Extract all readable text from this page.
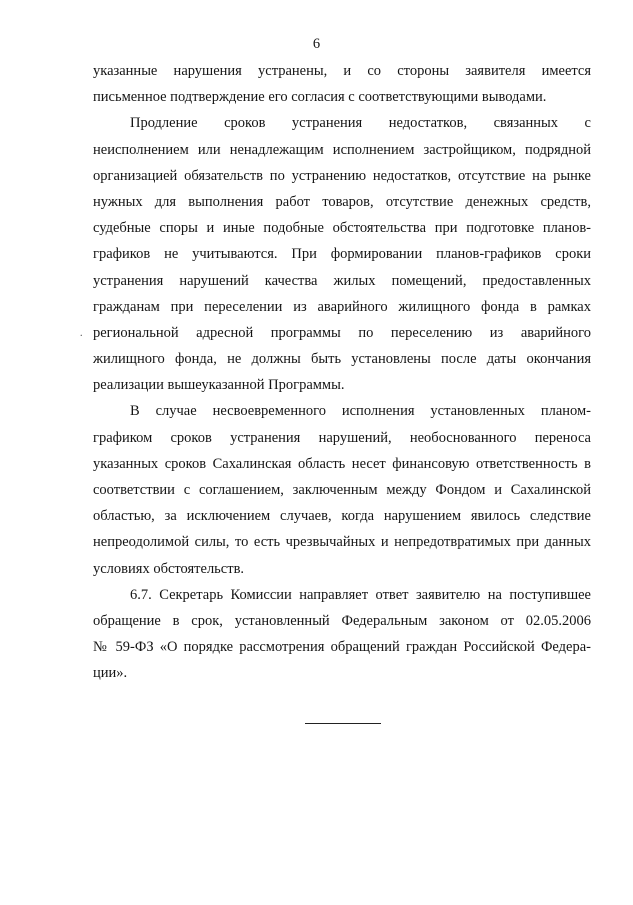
6
.
указанные нарушения устранены, и со стороны заявителя имеется
письменное подтверждение его согласия с соответствующими выводами.
Продление сроков устранения недостатков, связанных с
неисполнением или ненадлежащим исполнением застройщиком, подрядной
организацией обязательств по устранению недостатков, отсутствие на рынке
нужных для выполнения работ товаров, отсутствие денежных средств,
судебные споры и иные подобные обстоятельства при подготовке планов-
графиков не учитываются. При формировании планов-графиков сроки
устранения нарушений качества жилых помещений, предоставленных
гражданам при переселении из аварийного жилищного фонда в рамках
региональной адресной программы по переселению из аварийного
жилищного фонда, не должны быть установлены после даты окончания
реализации вышеуказанной Программы.
В случае несвоевременного исполнения установленных планом-
графиком сроков устранения нарушений, необоснованного переноса
указанных сроков Сахалинская область несет финансовую ответственность в
соответствии с соглашением, заключенным между Фондом и Сахалинской
областью, за исключением случаев, когда нарушением явилось следствие
непреодолимой силы, то есть чрезвычайных и непредотвратимых при данных
условиях обстоятельств.
6.7. Секретарь Комиссии направляет ответ заявителю на поступившее
обращение в срок, установленный Федеральным законом от 02.05.2006
№ 59-ФЗ «О порядке рассмотрения обращений граждан Российской Федера-
ции».
